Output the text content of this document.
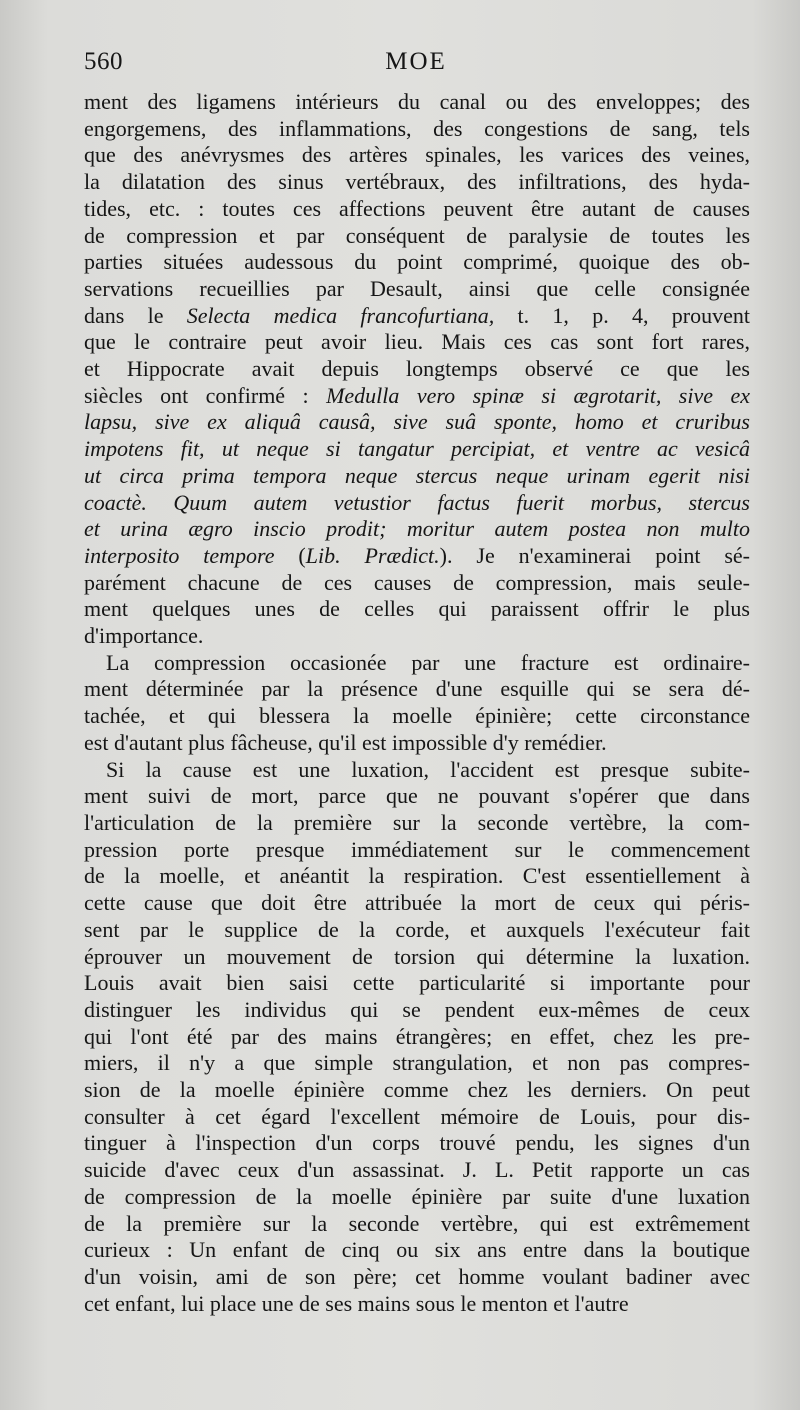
560	MOE

ment des ligamens intérieurs du canal ou des enveloppes; des
engorgemens, des inflammations, des congestions de sang, tels
que des anévrysmes des artères spinales, les varices des veines,
la dilatation des sinus vertébraux, des infiltrations, des hyda-
tides, etc. : toutes ces affections peuvent être autant de causes
de compression et par conséquent de paralysie de toutes les
parties situées audessous du point comprimé, quoique des ob-
servations recueillies par Desault, ainsi que celle consignée
dans le Selecta medica francofurtiana, t. 1, p. 4, prouvent
que le contraire peut avoir lieu. Mais ces cas sont fort rares,
et Hippocrate avait depuis longtemps observé ce que les
siècles ont confirmé : Medulla vero spinæ si ægrotarit, sive ex
lapsu, sive ex aliquâ causâ, sive suâ sponte, homo et cruribus
impotens fit, ut neque si tangatur percipiat, et ventre ac vesicâ
ut circa prima tempora neque stercus neque urinam egerit nisi
coactè. Quum autem vetustior factus fuerit morbus, stercus
et urina ægro inscio prodit; moritur autem postea non multo
interposito tempore (Lib. Prædict.). Je n'examinerai point sé-
parément chacune de ces causes de compression, mais seule-
ment quelques unes de celles qui paraissent offrir le plus
d'importance.

La compression occasionée par une fracture est ordinaire-
ment déterminée par la présence d'une esquille qui se sera dé-
tachée, et qui blessera la moelle épinière; cette circonstance
est d'autant plus fâcheuse, qu'il est impossible d'y remédier.

Si la cause est une luxation, l'accident est presque subite-
ment suivi de mort, parce que ne pouvant s'opérer que dans
l'articulation de la première sur la seconde vertèbre, la com-
pression porte presque immédiatement sur le commencement
de la moelle, et anéantit la respiration. C'est essentiellement à
cette cause que doit être attribuée la mort de ceux qui péris-
sent par le supplice de la corde, et auxquels l'exécuteur fait
éprouver un mouvement de torsion qui détermine la luxation.
Louis avait bien saisi cette particularité si importante pour
distinguer les individus qui se pendent eux-mêmes de ceux
qui l'ont été par des mains étrangères; en effet, chez les pre-
miers, il n'y a que simple strangulation, et non pas compres-
sion de la moelle épinière comme chez les derniers. On peut
consulter à cet égard l'excellent mémoire de Louis, pour dis-
tinguer à l'inspection d'un corps trouvé pendu, les signes d'un
suicide d'avec ceux d'un assassinat. J. L. Petit rapporte un cas
de compression de la moelle épinière par suite d'une luxation
de la première sur la seconde vertèbre, qui est extrêmement
curieux : Un enfant de cinq ou six ans entre dans la boutique
d'un voisin, ami de son père; cet homme voulant badiner avec
cet enfant, lui place une de ses mains sous le menton et l'autre
